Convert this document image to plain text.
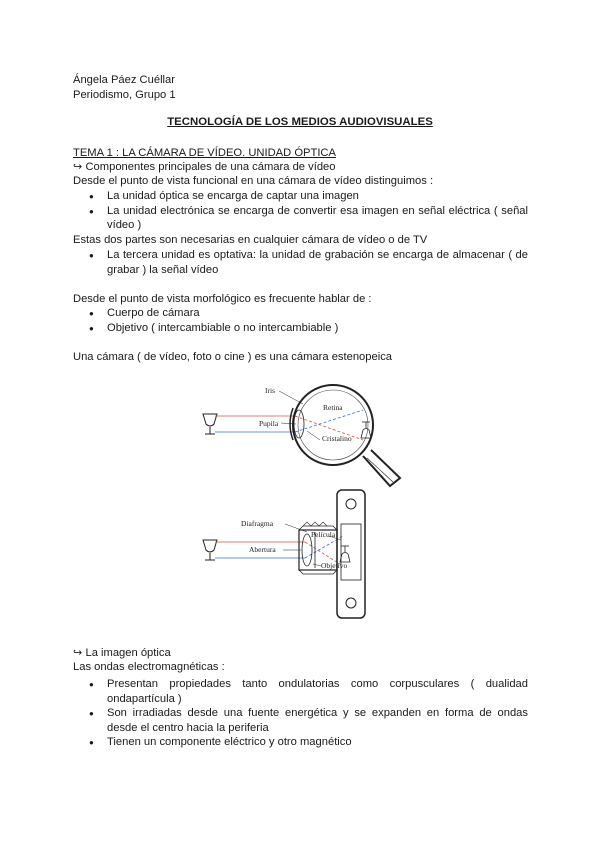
Ángela Páez Cuéllar
Periodismo, Grupo 1
TECNOLOGÍA DE LOS MEDIOS AUDIOVISUALES
TEMA 1 : LA CÁMARA DE VÍDEO. UNIDAD ÓPTICA
↪ Componentes principales de una cámara de vídeo
Desde el punto de vista funcional en una cámara de vídeo distinguimos :
● La unidad óptica se encarga de captar una imagen
● La unidad electrónica se encarga de convertir esa imagen en señal eléctrica ( señal vídeo )
Estas dos partes son necesarias en cualquier cámara de vídeo o de TV
● La tercera unidad es optativa: la unidad de grabación se encarga de almacenar ( de grabar ) la señal vídeo
Desde el punto de vista morfológico es frecuente hablar de :
● Cuerpo de cámara
● Objetivo ( intercambiable o no intercambiable )
Una cámara ( de vídeo, foto o cine ) es una cámara estenopeica
Iris
Retina
Pupila
Cristalino
Diafragma
Película
Abertura
Objetivo
↪ La imagen óptica
Las ondas electromagnéticas :
● Presentan propiedades tanto ondulatorias como corpusculares ( dualidad ondapartícula )
● Son irradiadas desde una fuente energética y se expanden en forma de ondas desde el centro hacia la periferia
● Tienen un componente eléctrico y otro magnético
